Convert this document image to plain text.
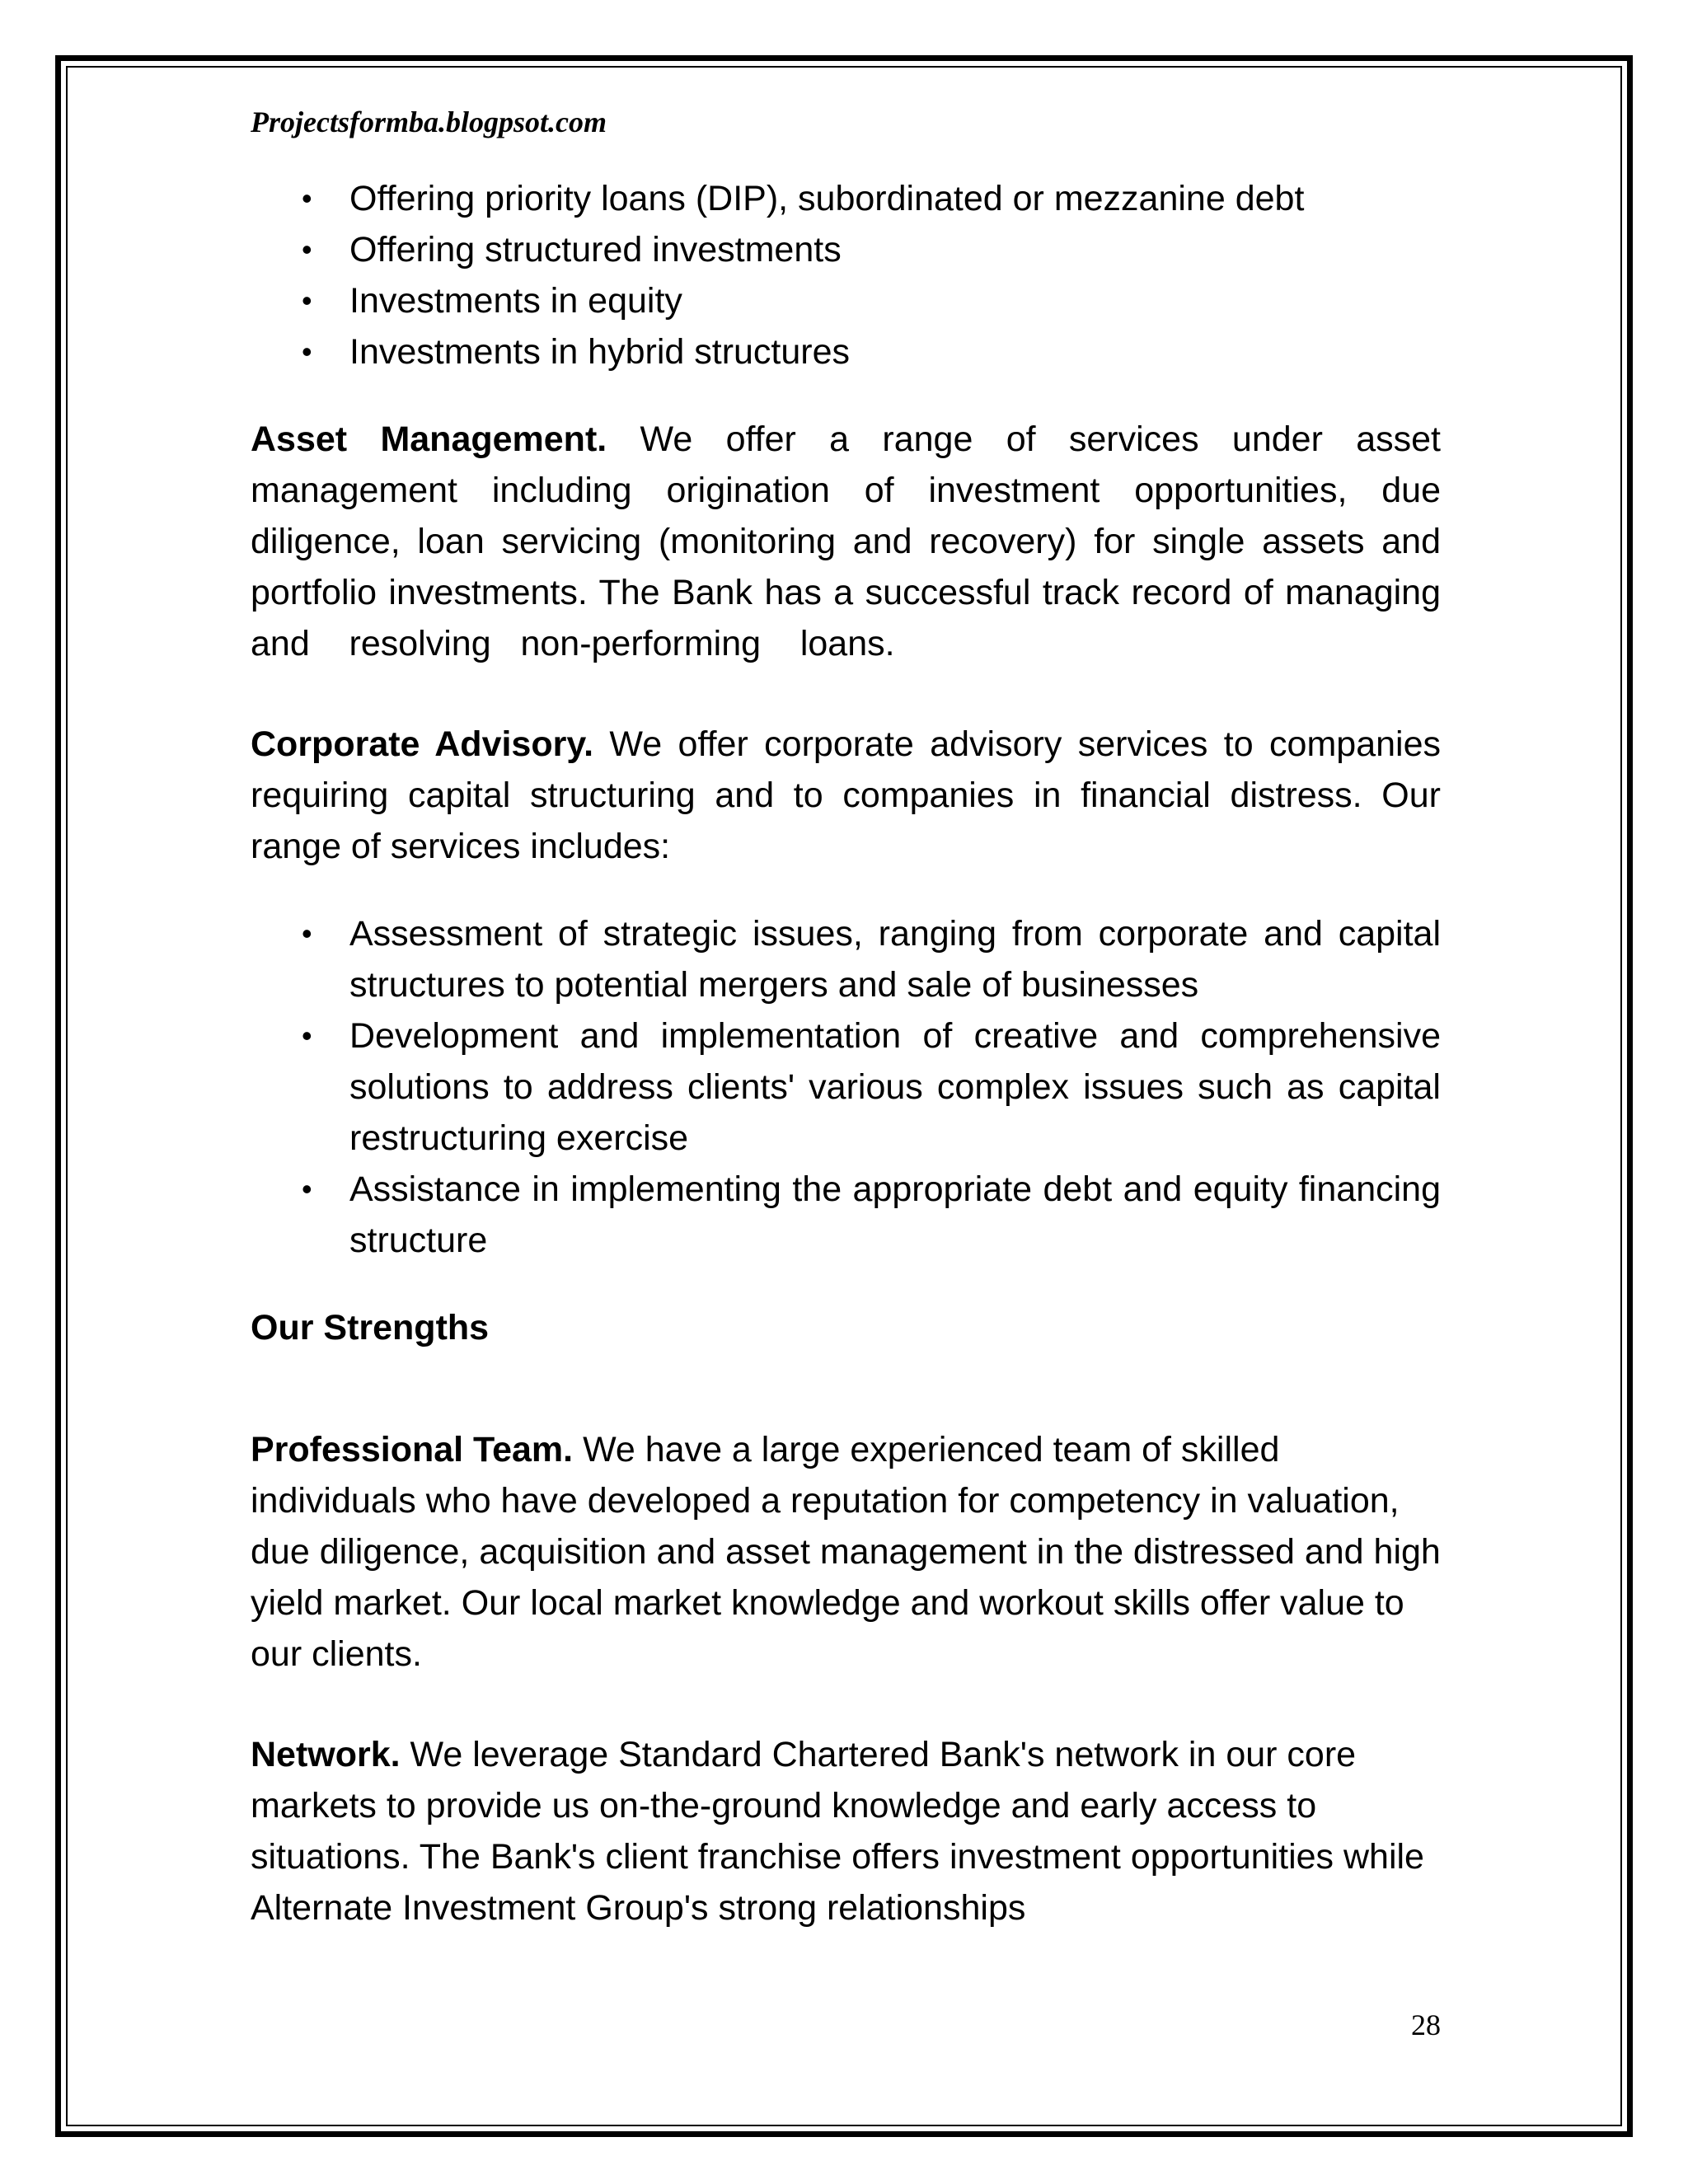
Projectsformba.blogpsot.com
• Offering priority loans (DIP), subordinated or mezzanine debt
• Offering structured investments
• Investments in equity
• Investments in hybrid structures

Asset Management. We offer a range of services under asset management including origination of investment opportunities, due diligence, loan servicing (monitoring and recovery) for single assets and portfolio investments. The Bank has a successful track record of managing and    resolving   non-performing    loans.

Corporate Advisory. We offer corporate advisory services to companies requiring capital structuring and to companies in financial distress. Our range of services includes:

• Assessment of strategic issues, ranging from corporate and capital structures to potential mergers and sale of businesses
• Development and implementation of creative and comprehensive solutions to address clients' various complex issues such as capital restructuring exercise
• Assistance in implementing the appropriate debt and equity financing structure

Our Strengths

Professional Team. We have a large experienced team of skilled individuals who have developed a reputation for competency in valuation, due diligence, acquisition and asset management in the distressed and high yield market. Our local market knowledge and workout skills offer value to our clients.

Network. We leverage Standard Chartered Bank's network in our core markets to provide us on-the-ground knowledge and early access to situations. The Bank's client franchise offers investment opportunities while Alternate Investment Group's strong relationships

28
